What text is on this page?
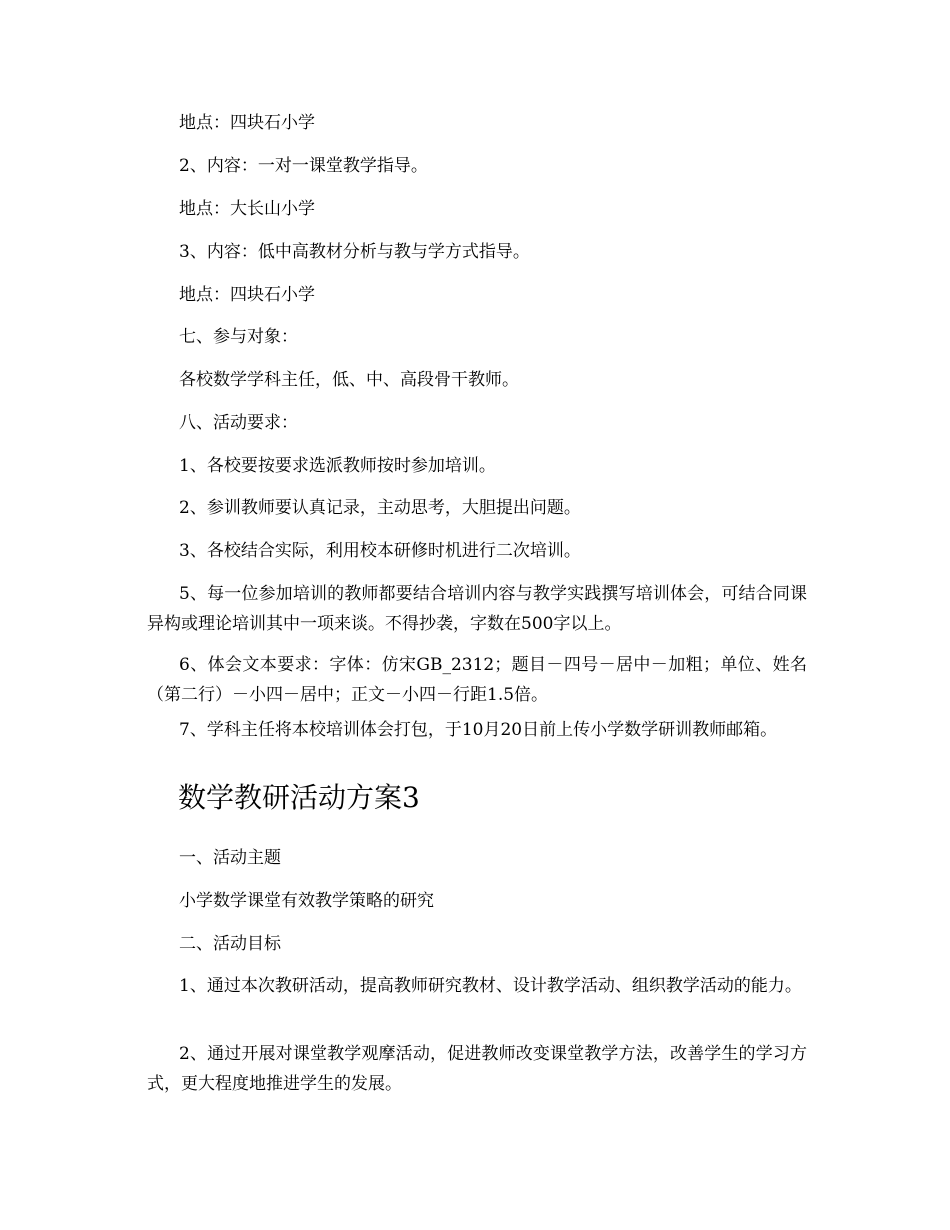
地点：四块石小学

2、内容：一对一课堂教学指导。

地点：大长山小学

3、内容：低中高教材分析与教与学方式指导。

地点：四块石小学

七、参与对象：

各校数学学科主任，低、中、高段骨干教师。

八、活动要求：

1、各校要按要求选派教师按时参加培训。

2、参训教师要认真记录，主动思考，大胆提出问题。

3、各校结合实际，利用校本研修时机进行二次培训。

5、每一位参加培训的教师都要结合培训内容与教学实践撰写培训体会，可结合同课异构或理论培训其中一项来谈。不得抄袭，字数在500字以上。

6、体会文本要求：字体：仿宋GB_2312；题目－四号－居中－加粗；单位、姓名（第二行）－小四－居中；正文－小四－行距1.5倍。

7、学科主任将本校培训体会打包，于10月20日前上传小学数学研训教师邮箱。

数学教研活动方案3

一、活动主题

小学数学课堂有效教学策略的研究

二、活动目标

1、通过本次教研活动，提高教师研究教材、设计教学活动、组织教学活动的能力。

2、通过开展对课堂教学观摩活动，促进教师改变课堂教学方法，改善学生的学习方式，更大程度地推进学生的发展。
